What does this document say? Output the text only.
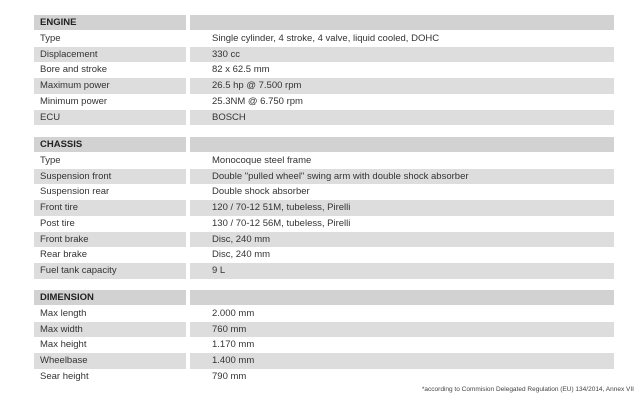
ENGINE
Type	Single cylinder, 4 stroke, 4 valve, liquid cooled, DOHC
Displacement	330 cc
Bore and stroke	82 x 62.5 mm
Maximum power	26.5 hp @ 7.500 rpm
Minimum power	25.3NM @ 6.750 rpm
ECU	BOSCH
CHASSIS
Type	Monocoque steel frame
Suspension front	Double "pulled wheel" swing arm with double shock absorber
Suspension rear	Double shock absorber
Front tire	120 / 70-12 51M, tubeless, Pirelli
Post tire	130 / 70-12 56M, tubeless, Pirelli
Front brake	Disc, 240 mm
Rear brake	Disc, 240 mm
Fuel tank capacity	9 L
DIMENSION
Max length	2.000 mm
Max width	760 mm
Max height	1.170 mm
Wheelbase	1.400 mm
Sear height	790 mm
*according to Commision Delegated Regulation (EU) 134/2014, Annex VII
